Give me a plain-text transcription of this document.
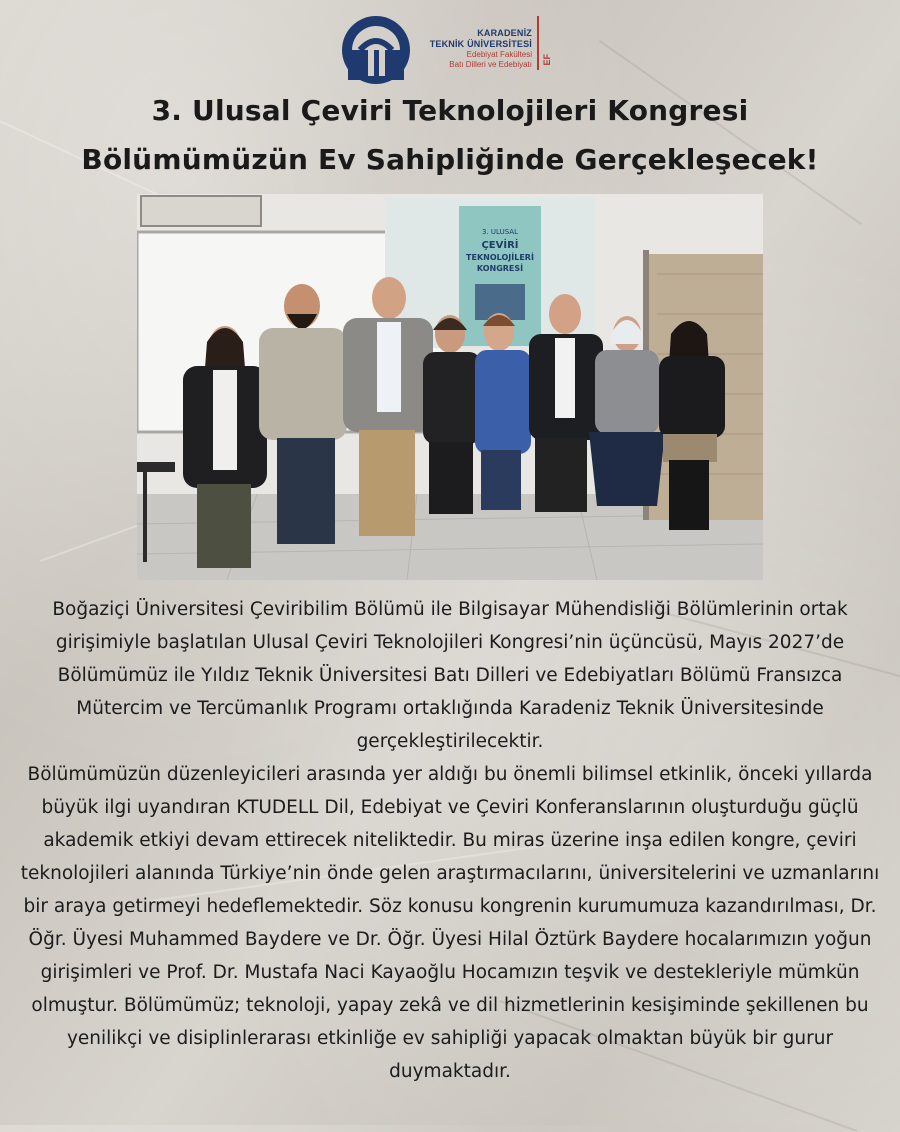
KARADENİZ
TEKNİK ÜNİVERSİTESİ
Edebiyat Fakültesi
Batı Dilleri ve Edebiyatı EF
3. Ulusal Çeviri Teknolojileri Kongresi
Bölümümüzün Ev Sahipliğinde Gerçekleşecek!
3. ULUSAL
ÇEVİRİ
TEKNOLOJİLERİ
KONGRESİ

Boğaziçi Üniversitesi Çeviribilim Bölümü ile Bilgisayar Mühendisliği Bölümlerinin ortak girişimiyle başlatılan Ulusal Çeviri Teknolojileri Kongresi’nin üçüncüsü, Mayıs 2027’de Bölümümüz ile Yıldız Teknik Üniversitesi Batı Dilleri ve Edebiyatları Bölümü Fransızca Mütercim ve Tercümanlık Programı ortaklığında Karadeniz Teknik Üniversitesinde gerçekleştirilecektir.

Bölümümüzün düzenleyicileri arasında yer aldığı bu önemli bilimsel etkinlik, önceki yıllarda büyük ilgi uyandıran KTUDELL Dil, Edebiyat ve Çeviri Konferanslarının oluşturduğu güçlü akademik etkiyi devam ettirecek niteliktedir. Bu miras üzerine inşa edilen kongre, çeviri teknolojileri alanında Türkiye’nin önde gelen araştırmacılarını, üniversitelerini ve uzmanlarını bir araya getirmeyi hedeflemektedir. Söz konusu kongrenin kurumumuza kazandırılması, Dr. Öğr. Üyesi Muhammed Baydere ve Dr. Öğr. Üyesi Hilal Öztürk Baydere hocalarımızın yoğun girişimleri ve Prof. Dr. Mustafa Naci Kayaoğlu Hocamızın teşvik ve destekleriyle mümkün olmuştur. Bölümümüz; teknoloji, yapay zekâ ve dil hizmetlerinin kesişiminde şekillenen bu yenilikçi ve disiplinlerarası etkinliğe ev sahipliği yapacak olmaktan büyük bir gurur duymaktadır.
